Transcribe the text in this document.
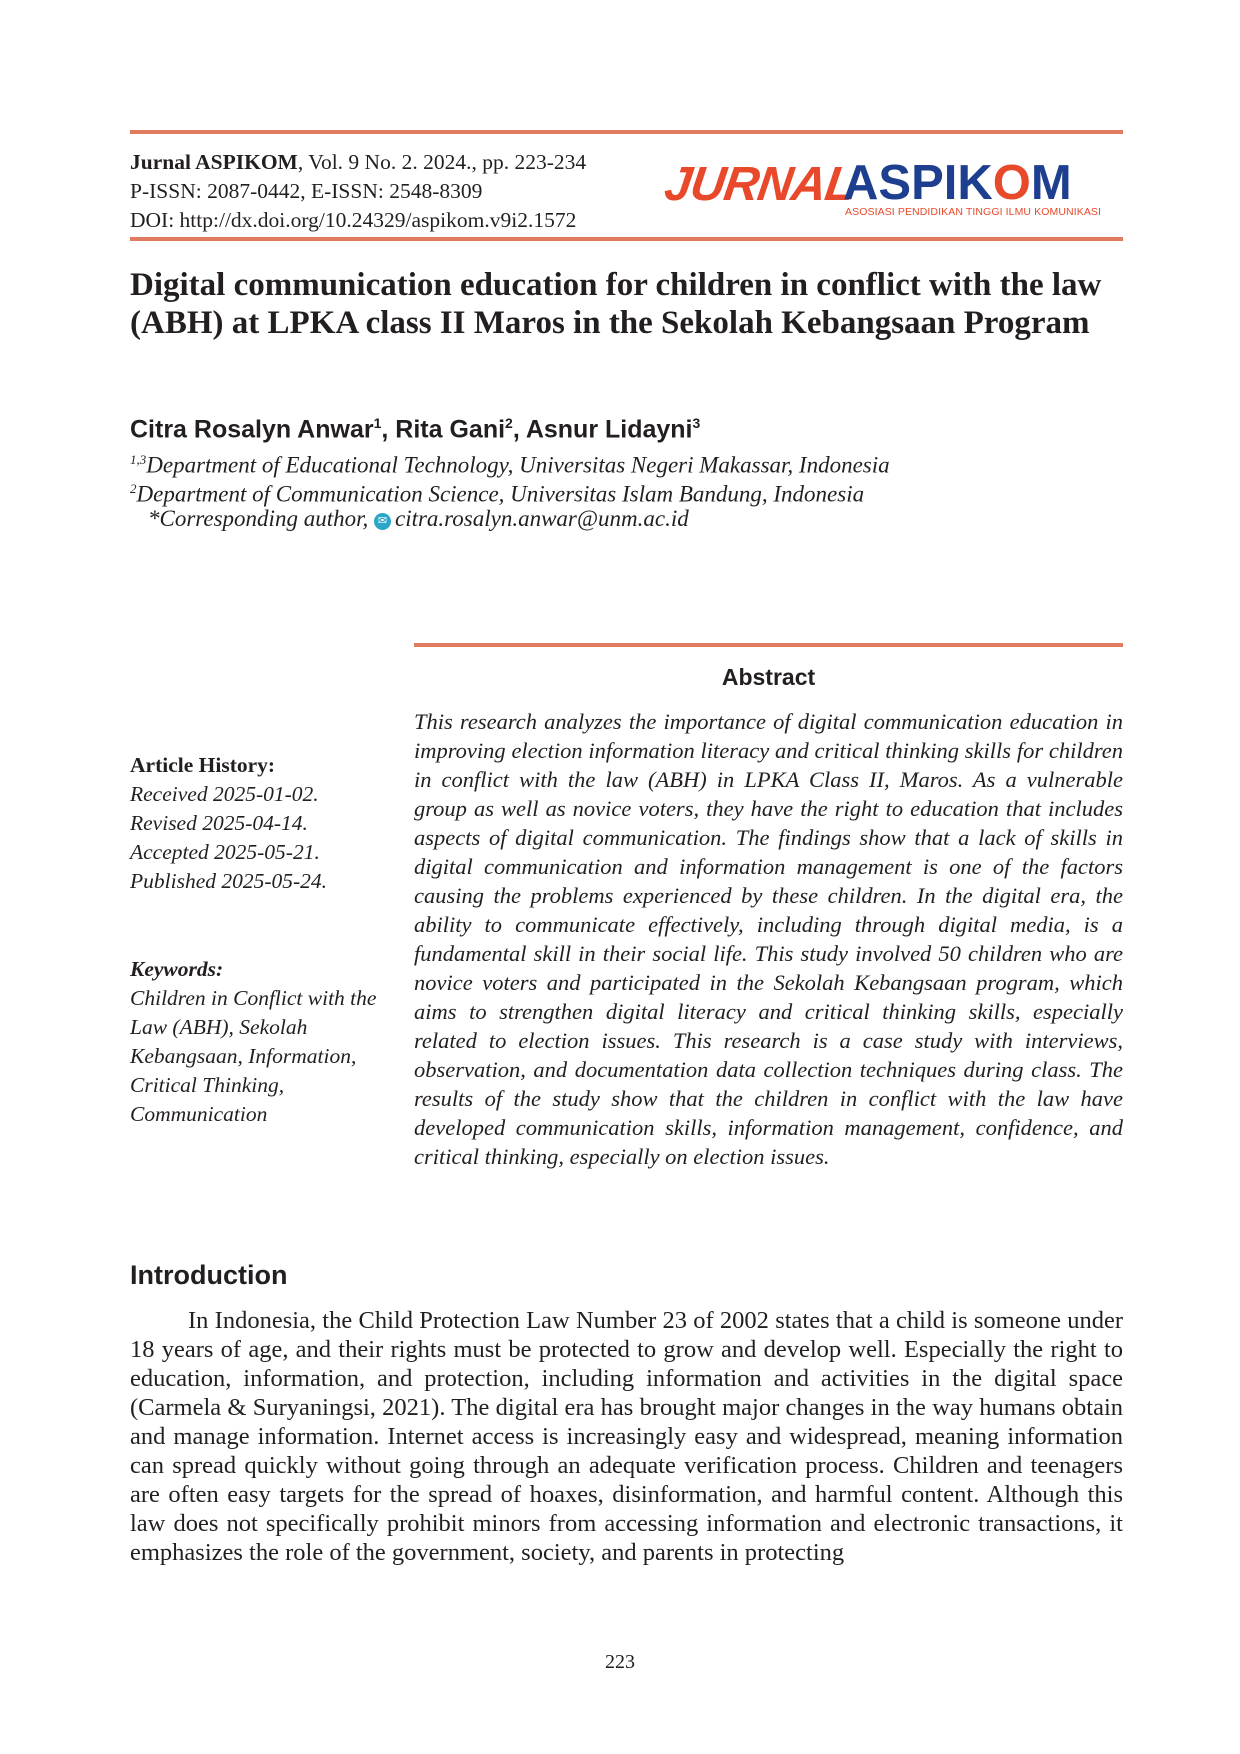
Jurnal ASPIKOM, Vol. 9 No. 2. 2024., pp. 223-234
P-ISSN: 2087-0442, E-ISSN: 2548-8309
DOI: http://dx.doi.org/10.24329/aspikom.v9i2.1572
JURNAL
ASPIKOM
ASOSIASI PENDIDIKAN TINGGI ILMU KOMUNIKASI
Digital communication education for children in conflict with the law (ABH) at LPKA class II Maros in the Sekolah Kebangsaan Program
Citra Rosalyn Anwar$^1$, Rita Gani$^2$, Asnur Lidayni$^3$
$^{1,3}$Department of Educational Technology, Universitas Negeri Makassar, Indonesia
$^2$Department of Communication Science, Universitas Islam Bandung, Indonesia
*Corresponding author, ✉ citra.rosalyn.anwar@unm.ac.id
Abstract

This research analyzes the importance of digital communication education in improving election information literacy and critical thinking skills for children in conflict with the law (ABH) in LPKA Class II, Maros. As a vulnerable group as well as novice voters, they have the right to education that includes aspects of digital communication. The findings show that a lack of skills in digital communication and information management is one of the factors causing the problems experienced by these children. In the digital era, the ability to communicate effectively, including through digital media, is a fundamental skill in their social life. This study involved 50 children who are novice voters and participated in the Sekolah Kebangsaan program, which aims to strengthen digital literacy and critical thinking skills, especially related to election issues. This research is a case study with interviews, observation, and documentation data collection techniques during class. The results of the study show that the children in conflict with the law have developed communication skills, information management, confidence, and critical thinking, especially on election issues.

Article History:
Received 2025-01-02.
Revised 2025-04-14.
Accepted 2025-05-21.
Published 2025-05-24.
Keywords:
Children in Conflict with the Law (ABH), Sekolah Kebangsaan, Information, Critical Thinking, Communication
Introduction

In Indonesia, the Child Protection Law Number 23 of 2002 states that a child is someone under 18 years of age, and their rights must be protected to grow and develop well. Especially the right to education, information, and protection, including information and activities in the digital space (Carmela & Suryaningsi, 2021). The digital era has brought major changes in the way humans obtain and manage information. Internet access is increasingly easy and widespread, meaning information can spread quickly without going through an adequate verification process. Children and teenagers are often easy targets for the spread of hoaxes, disinformation, and harmful content. Although this law does not specifically prohibit minors from accessing information and electronic transactions, it emphasizes the role of the government, society, and parents in protecting

223
